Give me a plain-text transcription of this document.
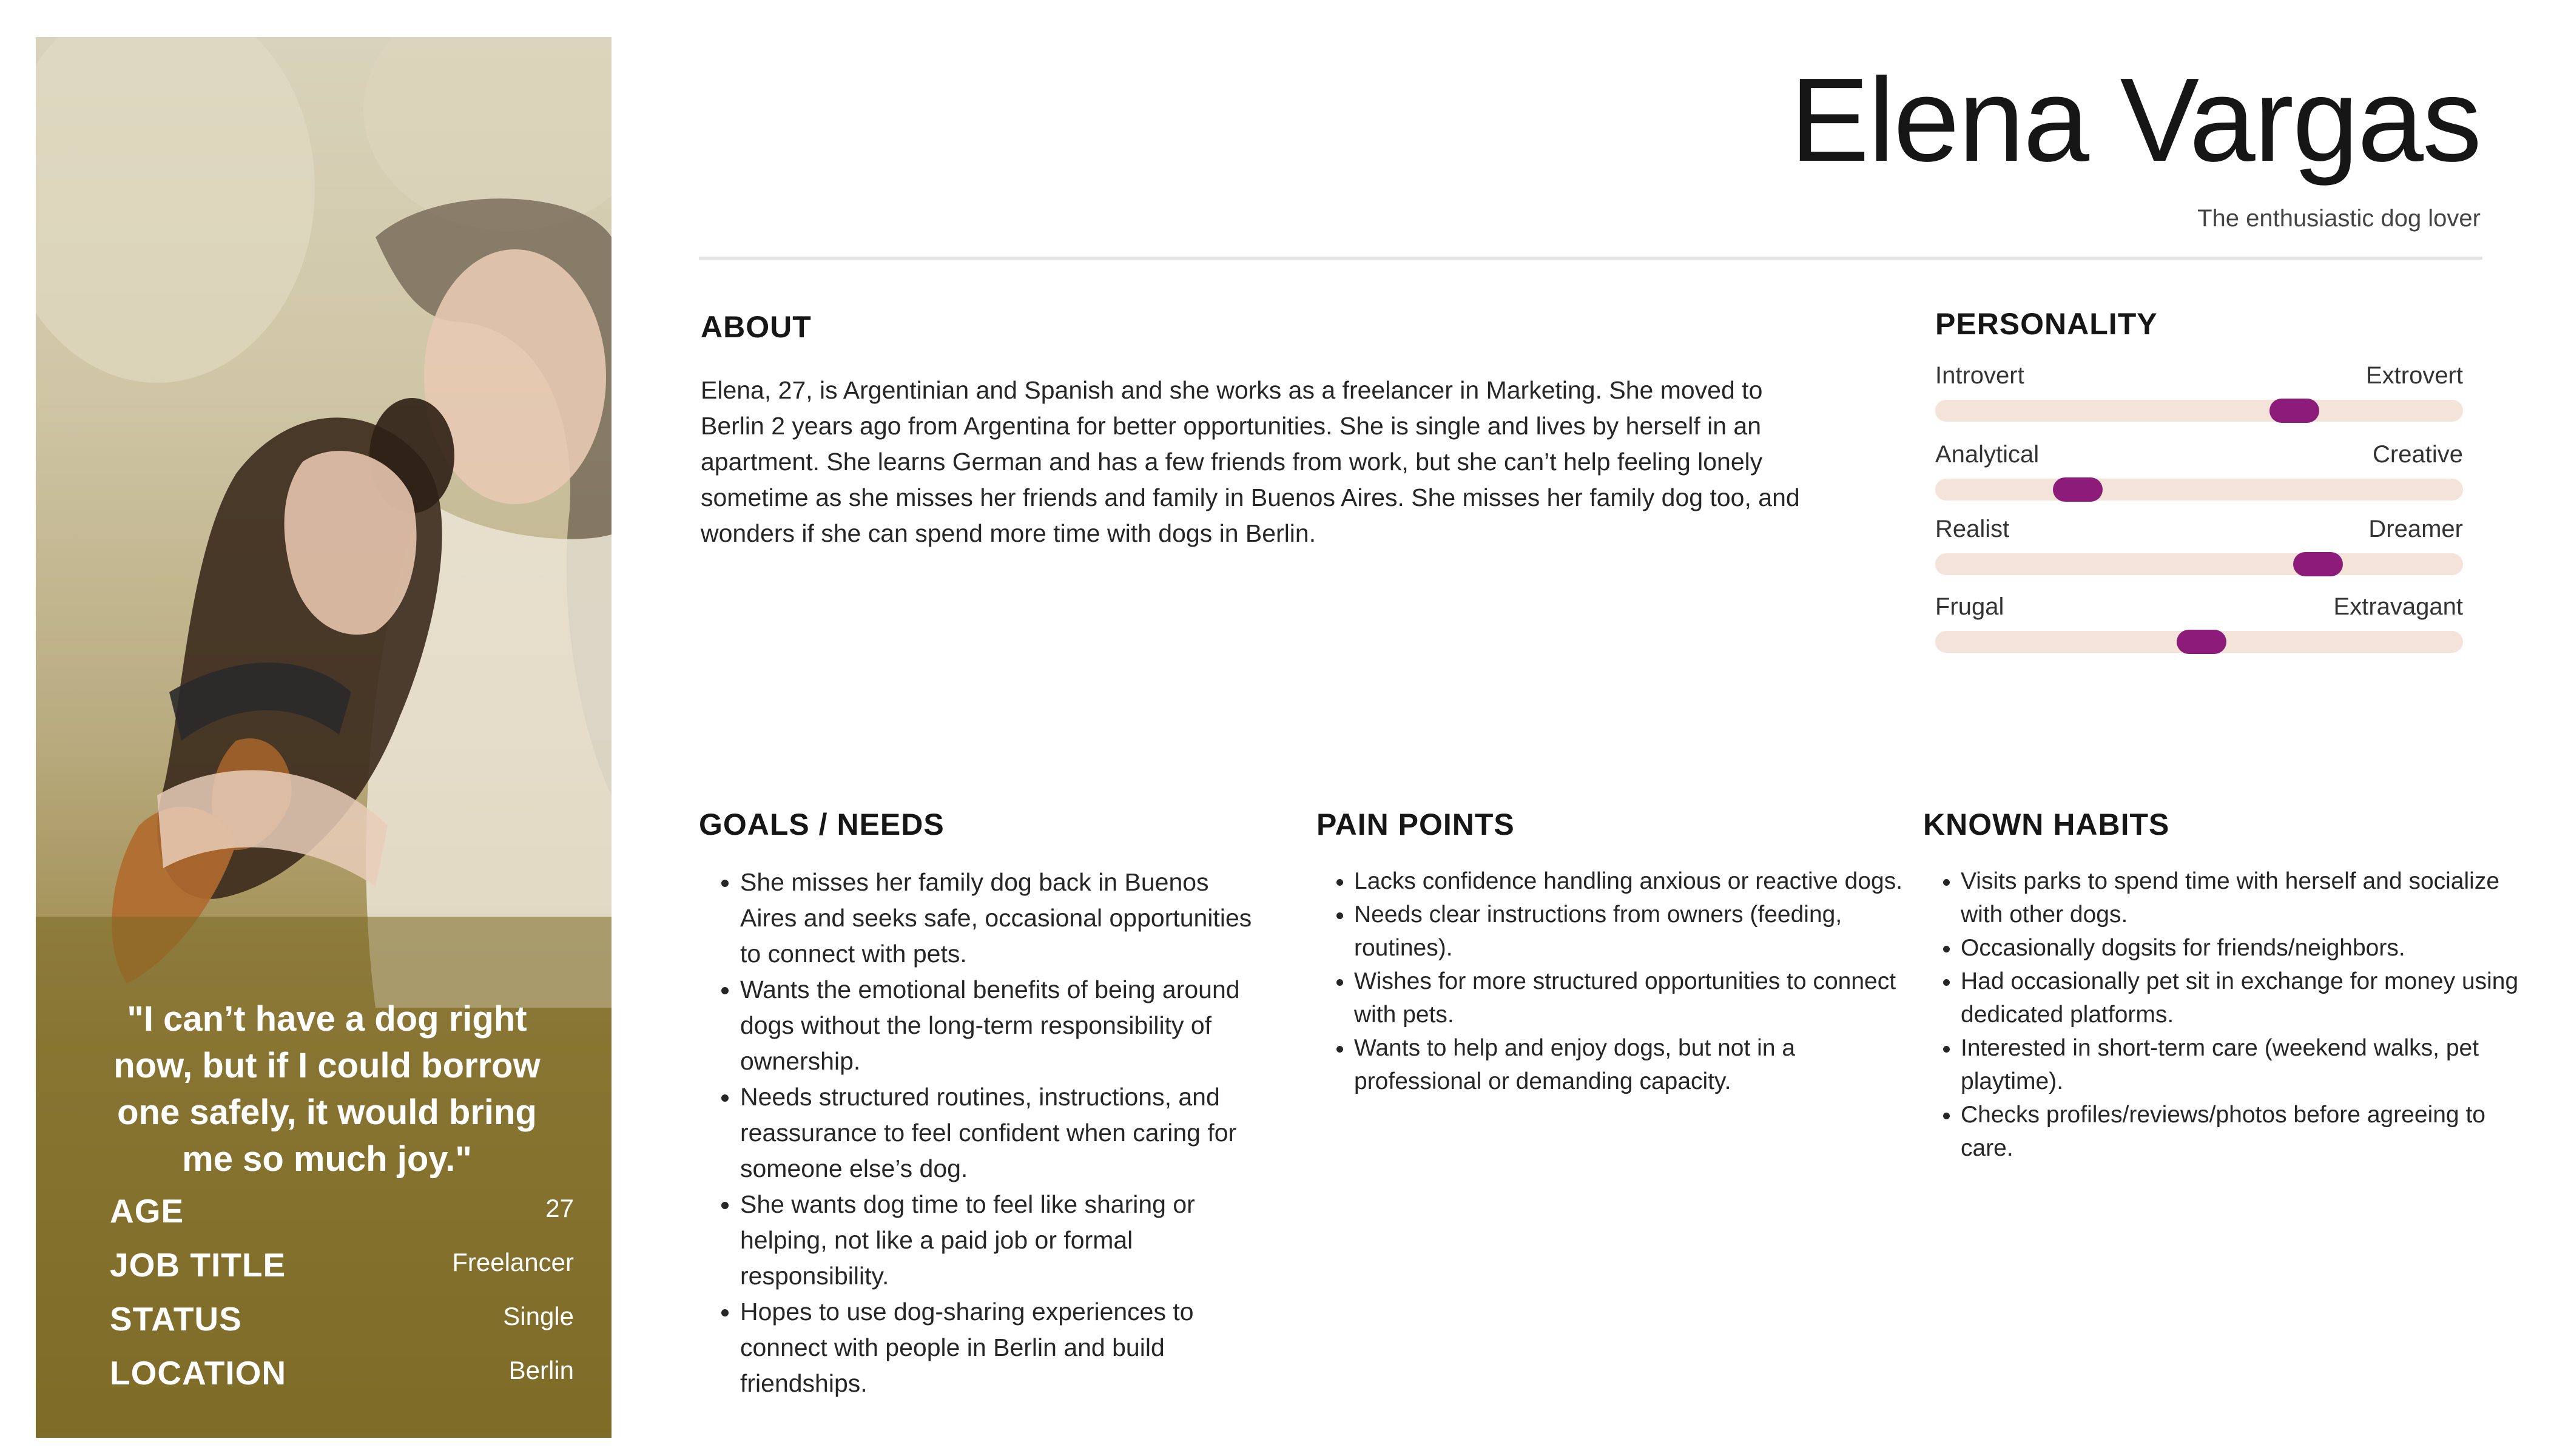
"I can’t have a dog right now, but if I could borrow one safely, it would bring me so much joy."
AGE	27
JOB TITLE	Freelancer
STATUS	Single
LOCATION	Berlin
Elena Vargas
The enthusiastic dog lover
ABOUT
Elena, 27, is Argentinian and Spanish and she works as a freelancer in Marketing. She moved to Berlin 2 years ago from Argentina for better opportunities. She is single and lives by herself in an apartment. She learns German and has a few friends from work, but she can’t help feeling lonely sometime as she misses her friends and family in Buenos Aires. She misses her family dog too, and wonders if she can spend more time with dogs in Berlin.
PERSONALITY
Introvert	Extrovert
Analytical	Creative
Realist	Dreamer
Frugal	Extravagant
GOALS / NEEDS
• She misses her family dog back in Buenos Aires and seeks safe, occasional opportunities to connect with pets.
• Wants the emotional benefits of being around dogs without the long-term responsibility of ownership.
• Needs structured routines, instructions, and reassurance to feel confident when caring for someone else’s dog.
• She wants dog time to feel like sharing or helping, not like a paid job or formal responsibility.
• Hopes to use dog-sharing experiences to connect with people in Berlin and build friendships.
PAIN POINTS
• Lacks confidence handling anxious or reactive dogs.
• Needs clear instructions from owners (feeding, routines).
• Wishes for more structured opportunities to connect with pets.
• Wants to help and enjoy dogs, but not in a professional or demanding capacity.
KNOWN HABITS
• Visits parks to spend time with herself and socialize with other dogs.
• Occasionally dogsits for friends/neighbors.
• Had occasionally pet sit in exchange for money using dedicated platforms.
• Interested in short-term care (weekend walks, pet playtime).
• Checks profiles/reviews/photos before agreeing to care.
